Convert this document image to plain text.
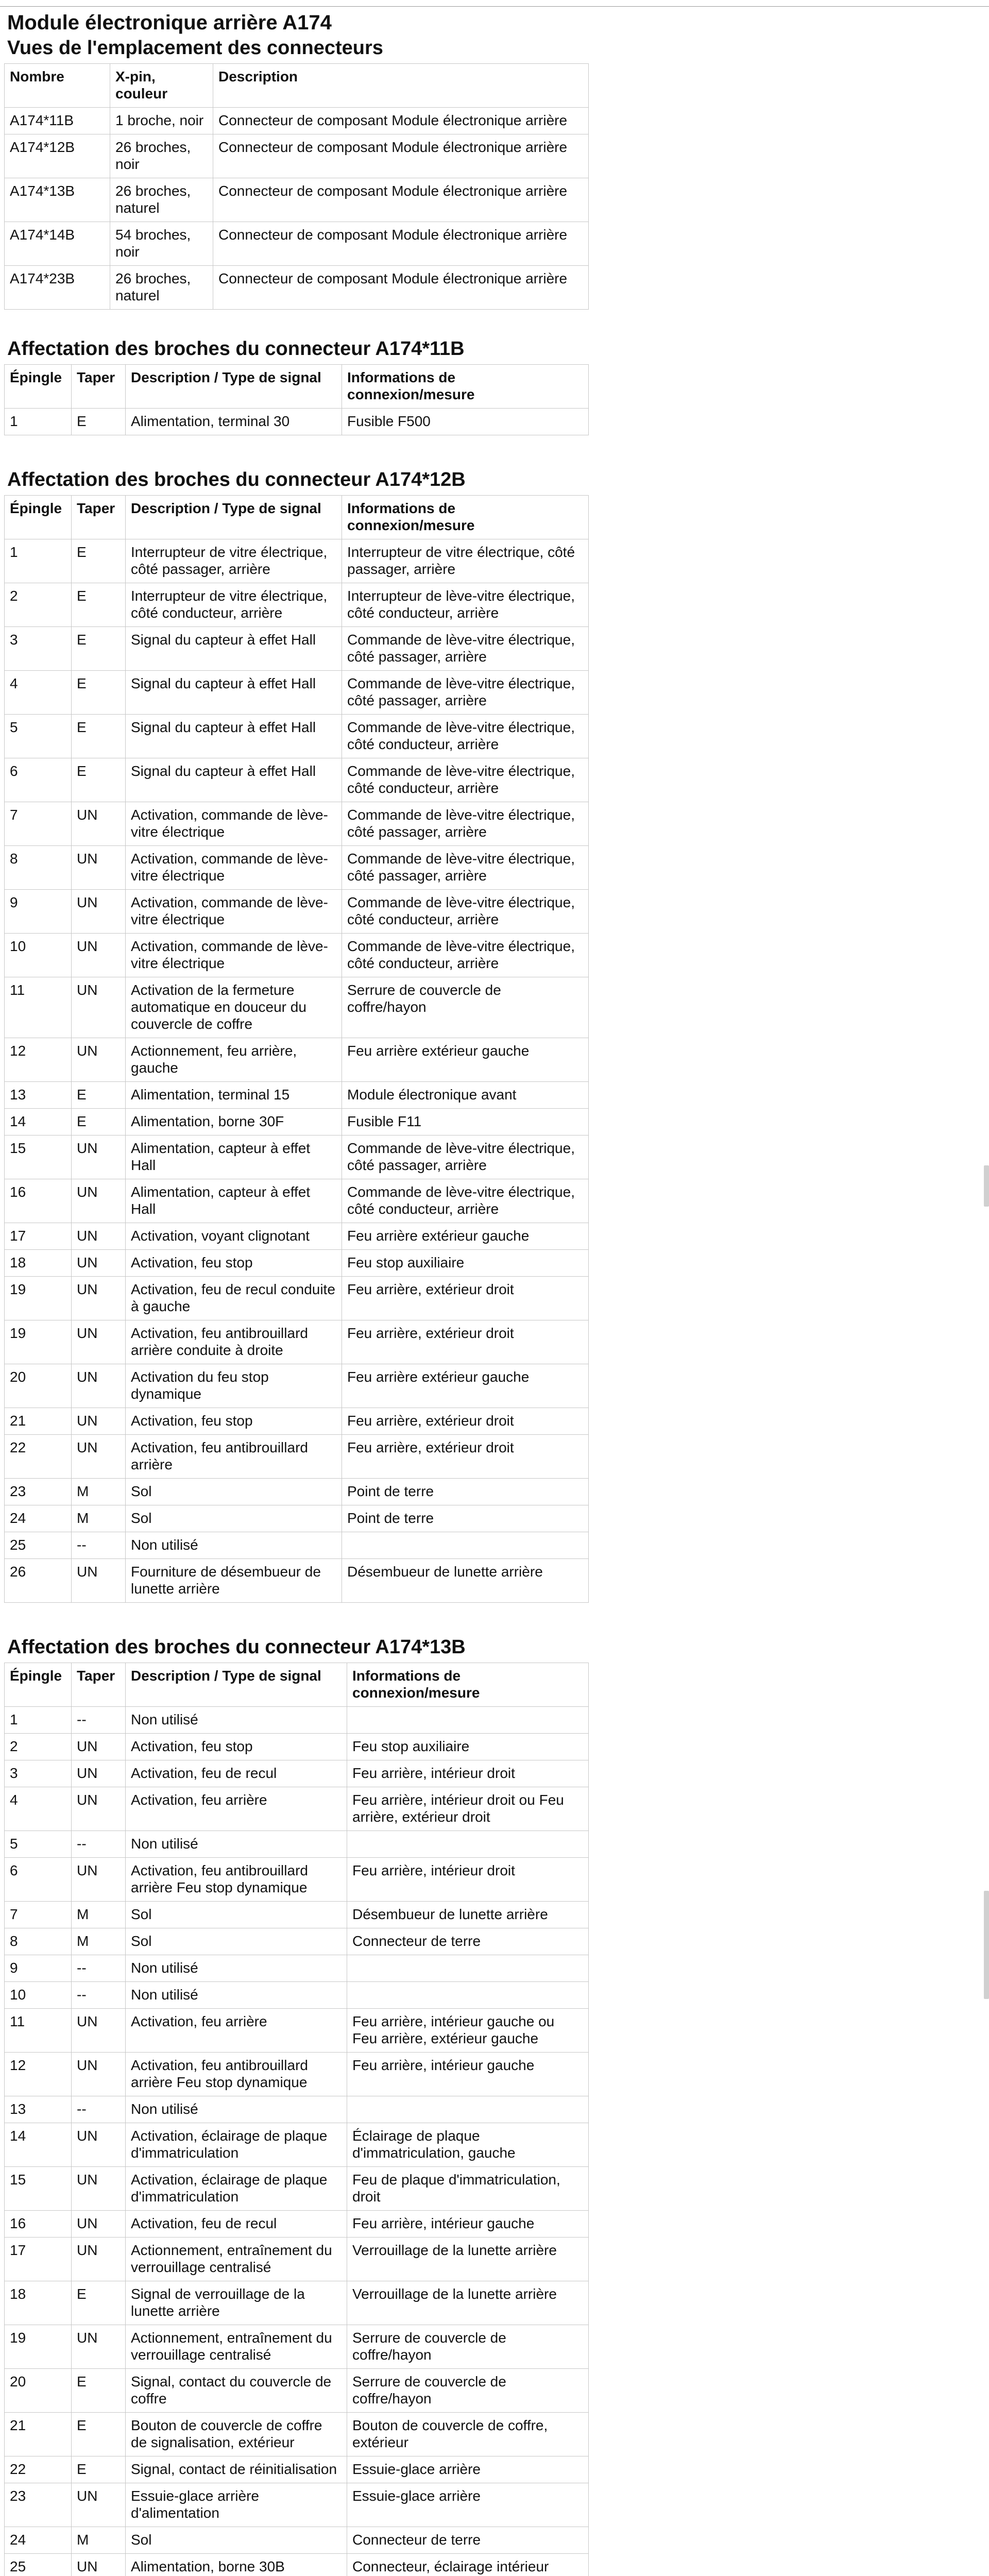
Module électronique arrière A174
Vues de l'emplacement des connecteurs
Nombre	X-pin, couleur	Description
A174*11B	1 broche, noir	Connecteur de composant Module électronique arrière
A174*12B	26 broches, noir	Connecteur de composant Module électronique arrière
A174*13B	26 broches, naturel	Connecteur de composant Module électronique arrière
A174*14B	54 broches, noir	Connecteur de composant Module électronique arrière
A174*23B	26 broches, naturel	Connecteur de composant Module électronique arrière
Affectation des broches du connecteur A174*11B
Épingle	Taper	Description / Type de signal	Informations de connexion/mesure
1	E	Alimentation, terminal 30	Fusible F500
Affectation des broches du connecteur A174*12B
Épingle	Taper	Description / Type de signal	Informations de connexion/mesure
1	E	Interrupteur de vitre électrique, côté passager, arrière	Interrupteur de vitre électrique, côté passager, arrière
2	E	Interrupteur de vitre électrique, côté conducteur, arrière	Interrupteur de lève-vitre électrique, côté conducteur, arrière
3	E	Signal du capteur à effet Hall	Commande de lève-vitre électrique, côté passager, arrière
4	E	Signal du capteur à effet Hall	Commande de lève-vitre électrique, côté passager, arrière
5	E	Signal du capteur à effet Hall	Commande de lève-vitre électrique, côté conducteur, arrière
6	E	Signal du capteur à effet Hall	Commande de lève-vitre électrique, côté conducteur, arrière
7	UN	Activation, commande de lève-vitre électrique	Commande de lève-vitre électrique, côté passager, arrière
8	UN	Activation, commande de lève-vitre électrique	Commande de lève-vitre électrique, côté passager, arrière
9	UN	Activation, commande de lève-vitre électrique	Commande de lève-vitre électrique, côté conducteur, arrière
10	UN	Activation, commande de lève-vitre électrique	Commande de lève-vitre électrique, côté conducteur, arrière
11	UN	Activation de la fermeture automatique en douceur du couvercle de coffre	Serrure de couvercle de coffre/hayon
12	UN	Actionnement, feu arrière, gauche	Feu arrière extérieur gauche
13	E	Alimentation, terminal 15	Module électronique avant
14	E	Alimentation, borne 30F	Fusible F11
15	UN	Alimentation, capteur à effet Hall	Commande de lève-vitre électrique, côté passager, arrière
16	UN	Alimentation, capteur à effet Hall	Commande de lève-vitre électrique, côté conducteur, arrière
17	UN	Activation, voyant clignotant	Feu arrière extérieur gauche
18	UN	Activation, feu stop	Feu stop auxiliaire
19	UN	Activation, feu de recul conduite à gauche	Feu arrière, extérieur droit
19	UN	Activation, feu antibrouillard arrière conduite à droite	Feu arrière, extérieur droit
20	UN	Activation du feu stop dynamique	Feu arrière extérieur gauche
21	UN	Activation, feu stop	Feu arrière, extérieur droit
22	UN	Activation, feu antibrouillard arrière	Feu arrière, extérieur droit
23	M	Sol	Point de terre
24	M	Sol	Point de terre
25	--	Non utilisé	
26	UN	Fourniture de désembueur de lunette arrière	Désembueur de lunette arrière
Affectation des broches du connecteur A174*13B
Épingle	Taper	Description / Type de signal	Informations de connexion/mesure
1	--	Non utilisé	
2	UN	Activation, feu stop	Feu stop auxiliaire
3	UN	Activation, feu de recul	Feu arrière, intérieur droit
4	UN	Activation, feu arrière	Feu arrière, intérieur droit ou Feu arrière, extérieur droit
5	--	Non utilisé	
6	UN	Activation, feu antibrouillard arrière Feu stop dynamique	Feu arrière, intérieur droit
7	M	Sol	Désembueur de lunette arrière
8	M	Sol	Connecteur de terre
9	--	Non utilisé	
10	--	Non utilisé	
11	UN	Activation, feu arrière	Feu arrière, intérieur gauche ou Feu arrière, extérieur gauche
12	UN	Activation, feu antibrouillard arrière Feu stop dynamique	Feu arrière, intérieur gauche
13	--	Non utilisé	
14	UN	Activation, éclairage de plaque d'immatriculation	Éclairage de plaque d'immatriculation, gauche
15	UN	Activation, éclairage de plaque d'immatriculation	Feu de plaque d'immatriculation, droit
16	UN	Activation, feu de recul	Feu arrière, intérieur gauche
17	UN	Actionnement, entraînement du verrouillage centralisé	Verrouillage de la lunette arrière
18	E	Signal de verrouillage de la lunette arrière	Verrouillage de la lunette arrière
19	UN	Actionnement, entraînement du verrouillage centralisé	Serrure de couvercle de coffre/hayon
20	E	Signal, contact du couvercle de coffre	Serrure de couvercle de coffre/hayon
21	E	Bouton de couvercle de coffre de signalisation, extérieur	Bouton de couvercle de coffre, extérieur
22	E	Signal, contact de réinitialisation	Essuie-glace arrière
23	UN	Essuie-glace arrière d'alimentation	Essuie-glace arrière
24	M	Sol	Connecteur de terre
25	UN	Alimentation, borne 30B	Connecteur, éclairage intérieur
